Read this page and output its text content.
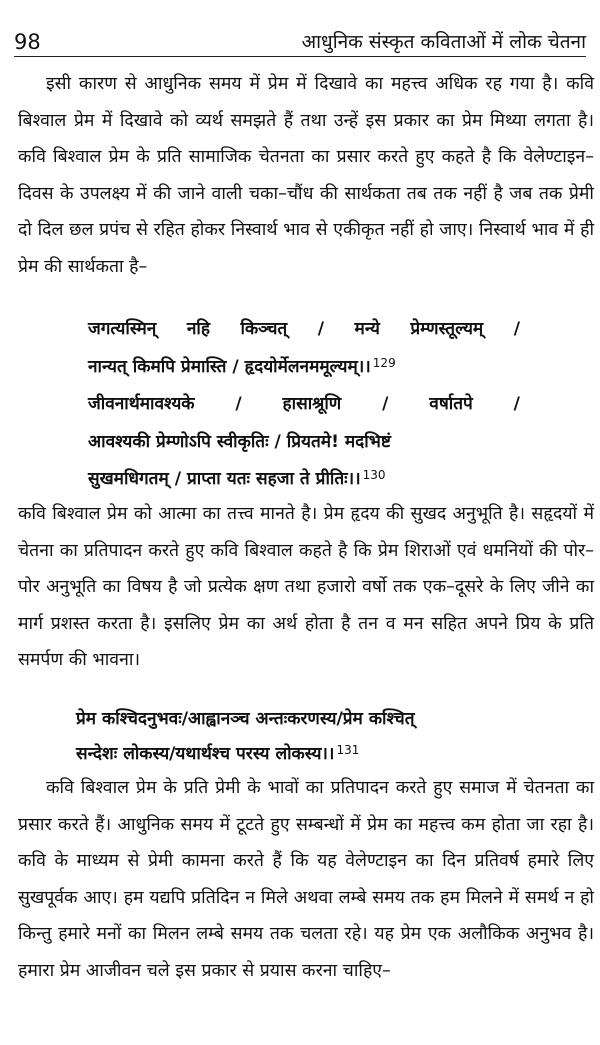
98	आधुनिक संस्कृत कविताओं में लोक चेतना

इसी कारण से आधुनिक समय में प्रेम में दिखावे का महत्त्व अधिक रह गया है। कवि बिश्वाल प्रेम में दिखावे को व्यर्थ समझते हैं तथा उन्हें इस प्रकार का प्रेम मिथ्या लगता है। कवि बिश्वाल प्रेम के प्रति सामाजिक चेतनता का प्रसार करते हुए कहते है कि वेलेण्टाइन–दिवस के उपलक्ष्य में की जाने वाली चका–चौंध की सार्थकता तब तक नहीं है जब तक प्रेमी दो दिल छल प्रपंच से रहित होकर निस्वार्थ भाव से एकीकृत नहीं हो जाए। निस्वार्थ भाव में ही प्रेम की सार्थकता है–

जगत्यस्मिन् नहि किञ्चत् / मन्ये प्रेम्णस्तूल्यम् /
नान्यत् किमपि प्रेमास्ति / हृदयोर्मेलनममूल्यम्।।$^{129}$
जीवनार्थमावश्यके / हासाश्रूणि / वर्षातपे /
आवश्यकी प्रेम्णोऽपि स्वीकृतिः / प्रियतमे! मदभिष्टं
सुखमधिगतम् / प्राप्ता यतः सहजा ते प्रीतिः।।$^{130}$

कवि बिश्वाल प्रेम को आत्मा का तत्त्व मानते है। प्रेम हृदय की सुखद अनुभूति है। सहृदयों में चेतना का प्रतिपादन करते हुए कवि बिश्वाल कहते है कि प्रेम शिराओं एवं धमनियों की पोर–पोर अनुभूति का विषय है जो प्रत्येक क्षण तथा हजारो वर्षो तक एक–दूसरे के लिए जीने का मार्ग प्रशस्त करता है। इसलिए प्रेम का अर्थ होता है तन व मन सहित अपने प्रिय के प्रति समर्पण की भावना।

प्रेम कश्चिदनुभवः/आह्वानञ्च अन्तःकरणस्य/प्रेम कश्चित्
सन्देशः लोकस्य/यथार्थश्च परस्य लोकस्य।।$^{131}$

कवि बिश्वाल प्रेम के प्रति प्रेमी के भावों का प्रतिपादन करते हुए समाज में चेतनता का प्रसार करते हैं। आधुनिक समय में टूटते हुए सम्बन्धों में प्रेम का महत्त्व कम होता जा रहा है। कवि के माध्यम से प्रेमी कामना करते हैं कि यह वेलेण्टाइन का दिन प्रतिवर्ष हमारे लिए सुखपूर्वक आए। हम यद्यपि प्रतिदिन न मिले अथवा लम्बे समय तक हम मिलने में समर्थ न हो किन्तु हमारे मनों का मिलन लम्बे समय तक चलता रहे। यह प्रेम एक अलौकिक अनुभव है। हमारा प्रेम आजीवन चले इस प्रकार से प्रयास करना चाहिए–
